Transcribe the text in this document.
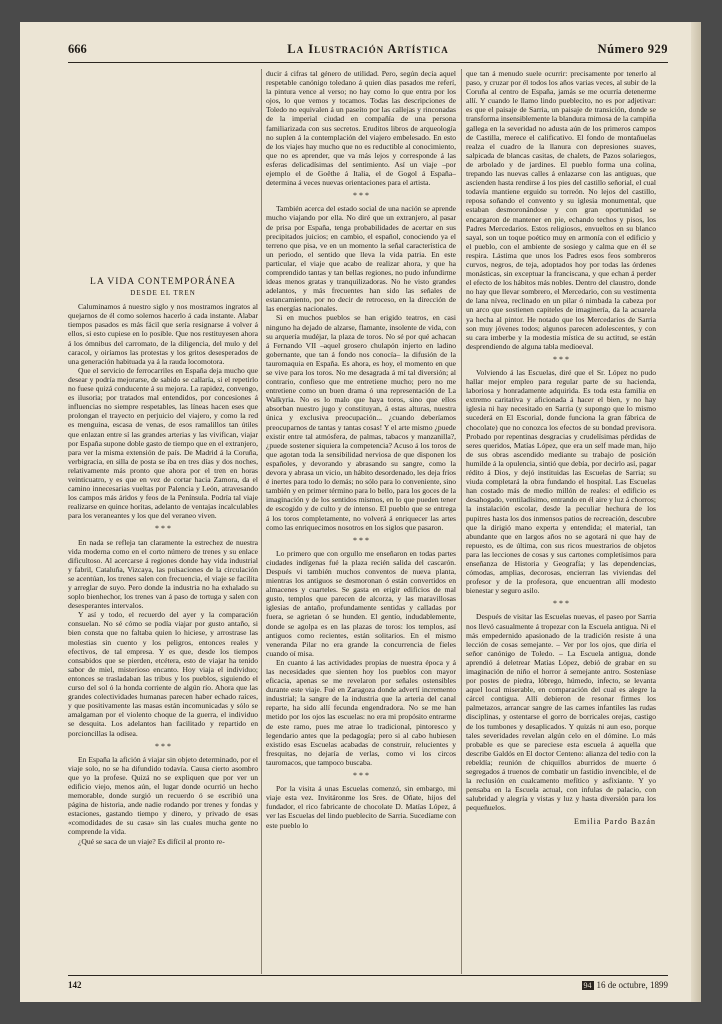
666	La Ilustración Artística	Número 929
LA VIDA CONTEMPORÁNEA
DESDE EL TREN

Caluminamos á nuestro siglo y nos mostramos ingratos al quejarnos de él como solemos hacerlo á cada instante. Alabar tiempos pasados es más fácil que sería resignarse á volver á ellos, si esto cupiese en lo posible. Que nos restituyesen ahora á los ómnibus del carromato, de la diligencia, del mulo y del caracol, y oiríamos las protestas y los gritos desesperados de una generación habituada ya á la rauda locomotora.

Que el servicio de ferrocarriles en España deja mucho que desear y podría mejorarse, de sabido se callaría, si el repetirlo no fuese quizá conducente á su mejora. La rapidez, convengo, es ilusoria; por tratados mal entendidos, por concesiones á influencias no siempre respetables, las líneas hacen eses que prolongan el trayecto en perjuicio del viajero, y como la red es menguina, escasa de venas, de esos ramalillos tan útiles que enlazan entre sí las grandes arterias y las vivifican, viajar por España supone doble gasto de tiempo que en el extranjero, para ver la misma extensión de país. De Madrid á la Coruña, verbigracia, en silla de posta se iba en tres días y dos noches, relativamente más pronto que ahora por el tren en horas veinticuatro, y es que en vez de cortar hacia Zamora, da el camino innecesarias vueltas por Palencia y León, atravesando los campos más áridos y feos de la Península. Podría tal viaje realizarse en quince horitas, adelanto de ventajas incalculables para los veraneantes y los que del veraneo viven.

* * *

En nada se refleja tan claramente la estrechez de nuestra vida moderna como en el corto número de trenes y su enlace dificultoso. Al acercarse á regiones donde hay vida industrial y fabril, Cataluña, Vizcaya, las pulsaciones de la circulación se acentúan, los trenes salen con frecuencia, el viaje se facilita y arreglar de suyo. Pero donde la industria no ha exhalado su soplo bienhechor, los trenes van á paso de tortuga y salen con desesperantes intervalos.

Y así y todo, el recuerdo del ayer y la comparación consuelan. No sé cómo se podía viajar por gusto antaño, si bien consta que no faltaba quien lo hiciese, y arrostrase las molestias sin cuento y los peligros, entonces reales y efectivos, de tal empresa. Y es que, desde los tiempos consabidos que se pierden, etcétera, esto de viajar ha tenido sabor de miel, misterioso encanto. Hoy viaja el individuo; entonces se trasladaban las tribus y los pueblos, siguiendo el curso del sol ó la honda corriente de algún río. Ahora que las grandes colectividades humanas parecen haber echado raíces, y que positivamente las masas están incomunicadas y sólo se amalgaman por el violento choque de la guerra, el individuo se desquita. Los adelantos han facilitado y repartido en porcioncillas la odisea.

* * *

En España la afición á viajar sin objeto determinado, por el viaje solo, no se ha difundido todavía. Causa cierto asombro que yo la profese. Quizá no se expliquen que por ver un edificio viejo, menos aún, el lugar donde ocurrió un hecho memorable, donde surgió un recuerdo ó se escribió una página de historia, ande nadie rodando por trenes y fondas y estaciones, gastando tiempo y dinero, y privado de esas «comodidades de su casa» sin las cuales mucha gente no comprende la vida.

¿Qué se saca de un viaje? Es difícil al pronto re-

ducir á cifras tal género de utilidad. Pero, según decía aquel respetable canónigo toledano á quien días pasados me referí, la pintura vence al verso; no hay como lo que entra por los ojos, lo que vemos y tocamos. Todas las descripciones de Toledo no equivalen á un paseíto por las callejas y rinconadas de la imperial ciudad en compañía de una persona familiarizada con sus secretos. Eruditos libros de arqueología no suplen á la contemplación del viajero embelesado. En esto de los viajes hay mucho que no es reductible al conocimiento, que no es aprender, que va más lejos y corresponde á las esferas delicadísimas del sentimiento. Así un viaje –por ejemplo el de Goëthe á Italia, el de Gogol á España– determina á veces nuevas orientaciones para el artista.

* * *

También acerca del estado social de una nación se aprende mucho viajando por ella. No diré que un extranjero, al pasar de prisa por España, tenga probabilidades de acertar en sus precipitados juicios; en cambio, el español, conociendo ya el terreno que pisa, ve en un momento la señal característica de un periodo, el sentido que lleva la vida patria. En este particular, el viaje que acabo de realizar ahora, y que ha comprendido tantas y tan bellas regiones, no pudo infundirme ideas menos gratas y tranquilizadoras. No he visto grandes adelantos, y más frecuentes han sido las señales de estancamiento, por no decir de retroceso, en la dirección de las energías nacionales.

Si en muchos pueblos se han erigido teatros, en casi ninguno ha dejado de alzarse, flamante, insolente de vida, con su arquería mudéjar, la plaza de toros. No sé por qué achacan á Fernando VII –aquel grosero chulapón injerto en ladino gobernante, que tan á fondo nos conocía– la difusión de la tauromaquia en España. Es ahora, es hoy, el momento en que se vive para los toros. No me desagrada á mí tal diversión; al contrario, confieso que me entretiene mucho; pero no me entretiene como un buen drama ó una representación de La Walkyria. No es lo malo que haya toros, sino que ellos absorban nuestro jugo y constituyan, á estas alturas, nuestra única y exclusiva preocupación... ¿cuando deberíamos preocuparnos de tantas y tantas cosas! Y el arte mismo ¿puede existir entre tal atmósfera, de palmas, tabacos y manzanilla?, ¿puede sostener siquiera la competencia? Acuso á los toros de que agotan toda la sensibilidad nerviosa de que disponen los españoles, y devorando y abrasando su sangre, como la devora y abrasa un vicio, un hábito desordenado, les deja fríos é inertes para todo lo demás; no sólo para lo conveniente, sino también y en primer término para lo bello, para los goces de la imaginación y de los sentidos mismos, en lo que pueden tener de escogido y de culto y de intenso. El pueblo que se entrega á los toros completamente, no volverá á enriquecer las artes como las enriquecimos nosotros en los siglos que pasaron.

* * *

Lo primero que con orgullo me enseñaron en todas partes ciudades indígenas fué la plaza recién salida del cascarón. Después vi también muchos conventos de nueva planta, mientras los antiguos se desmoronan ó están convertidos en almacenes y cuarteles. Se gasta en erigir edificios de mal gusto, templos que parecen de alcorza, y las maravillosas iglesias de antaño, profundamente sentidas y calladas por fuera, se agrietan ó se hunden. El gentío, indudablemente, donde se agolpa es en las plazas de toros: los templos, así antiguos como recientes, están solitarios. En el mismo veneranda Pilar no era grande la concurrencia de fieles cuando oí misa.

En cuanto á las actividades propias de nuestra época y á las necesidades que sienten hoy los pueblos con mayor eficacia, apenas se me revelaron por señales ostensibles durante este viaje. Fué en Zaragoza donde advertí incremento industrial; la sangre de la industria que la arteria del canal reparte, ha sido allí fecunda engendradora. No se me han metido por los ojos las escuelas: no era mi propósito entrarme de este ramo, pues me atrae lo tradicional, pintoresco y legendario antes que la pedagogía; pero si al cabo hubiesen existido esas Escuelas acabadas de construir, relucientes y fresquitas, no dejaría de verlas, como vi los circos tauromacos, que tampoco buscaba.

* * *

Por la visita á unas Escuelas comenzó, sin embargo, mi viaje esta vez. Invitáronme los Sres. de Oñate, hijos del fundador, el rico fabricante de chocolate D. Matías López, á ver las Escuelas del lindo pueblecito de Sarria. Sucedíame con este pueblo lo

que tan á menudo suele ocurrir: precisamente por tenerlo al paso, y cruzar por él todos los años varias veces, al subir de la Coruña al centro de España, jamás se me ocurría detenerme allí. Y cuando le llamo lindo pueblecito, no es por adjetivar: es que el paisaje de Sarria, un paisaje de transición, donde se transforma insensiblemente la blandura mimosa de la campiña gallega en la severidad no adusta aún de los primeros campos de Castilla, merece el calificativo. El fondo de montañuelas realza el cuadro de la llanura con depresiones suaves, salpicada de blancas casitas, de chalets, de Pazos solariegos, de arbolado y de jardines. El pueblo forma una colina, trepando las nuevas calles á enlazarse con las antiguas, que ascienden hasta rendirse á los pies del castillo señorial, el cual todavía mantiene erguido su torreón. No lejos del castillo, reposa soñando el convento y su iglesia monumental, que estaban desmoronándose y con gran oportunidad se encargaron de mantener en pie, echando techos y pisos, los Padres Mercedarios. Estos religiosos, envueltos en su blanco sayal, son un toque poético muy en armonía con el edificio y el pueblo, con el ambiente de sosiego y calma que en él se respira. Lástima que unos los Padres esos feos sombreros curvos, negros, de teja, adoptados hoy por todas las órdenes monásticas, sin exceptuar la franciscana, y que echan á perder el efecto de los hábitos más nobles. Dentro del claustro, donde no hay que llevar sombrero, el Mercedario, con su vestimenta de lana nívea, reclinado en un pilar ó nimbada la cabeza por un arco que sostienen capiteles de imaginería, da la acuarela ya hecha al pintor. He notado que los Mercedarios de Sarria son muy jóvenes todos; algunos parecen adolescentes, y con su cara imberbe y la modestia mística de su actitud, se están desprendiendo de alguna tabla medioeval.

* * *

Volviendo á las Escuelas, diré que el Sr. López no pudo hallar mejor empleo para regular parte de su hacienda, laboriosa y honradamente adquirida. Es toda esta familia en extremo caritativa y aficionada á hacer el bien, y no hay iglesia ni hay necesitado en Sarria (y supongo que lo mismo sucederá en El Escorial, donde funciona la gran fábrica de chocolate) que no conozca los efectos de su bondad previsora. Probado por repentinas desgracias y crudelísimas pérdidas de seres queridos, Matías López, que era un self made man, hijo de sus obras ascendido mediante su trabajo de posición humilde á la opulencia, sintió que debía, por decirlo así, pagar rédito á Dios, y dejó instituidas las Escuelas de Sarria; su viuda completará la obra fundando el hospital. Las Escuelas han costado más de medio millón de reales: el edificio es desahogado, ventiladísimo, entrando en él aire y luz á chorros; la instalación escolar, desde la peculiar hechura de los pupitres hasta los dos inmensos patios de recreación, descubre que la dirigió mano experta y entendida; el material, tan abundante que en largos años no se agotará ni que hay de repuesto, es de última, con sus ricos muestrarios de objetos para las lecciones de cosas y sus cartones completísimos para enseñanza de Historia y Geografía; y las dependencias, cómodas, amplias, decorosas, encierran las viviendas del profesor y de la profesora, que encuentran allí modesto bienestar y seguro asilo.

* * *

Después de visitar las Escuelas nuevas, el paseo por Sarria nos llevó casualmente á tropezar con la Escuela antigua. Ni el más empedernido apasionado de la tradición resiste á una lección de cosas semejante. – Ver por los ojos, que diría el señor canónigo de Toledo. – La Escuela antigua, donde aprendió á deletrear Matías López, debió de grabar en su imaginación de niño el horror á semejante antro. Sosteníase por postes de piedra, lóbrego, húmedo, infecto, se levanta aquel local miserable, en comparación del cual es alegre la cárcel contigua. Allí debieron de resonar firmes los palmetazos, arrancar sangre de las carnes infantiles las rudas disciplinas, y ostentarse el gorro de borricales orejas, castigo de los tumbones y desaplicados. Y quizás ni aun eso, porque tales severidades revelan algún celo en el dómine. Lo más probable es que se pareciese esta escuela á aquella que describe Galdós en El doctor Centeno: alianza del tedio con la rebeldía; reunión de chiquillos aburridos de muerte ó segregados á truenos de combatir un fastidio invencible, el de la reclusión en cualcamento mefítico y asfixiante. Y yo pensaba en la Escuela actual, con infulas de palacio, con salubridad y alegría y vistas y luz y hasta diversión para los pequeñuelos.

Emilia Pardo Bazán
142	94 16 de octubre, 1899
